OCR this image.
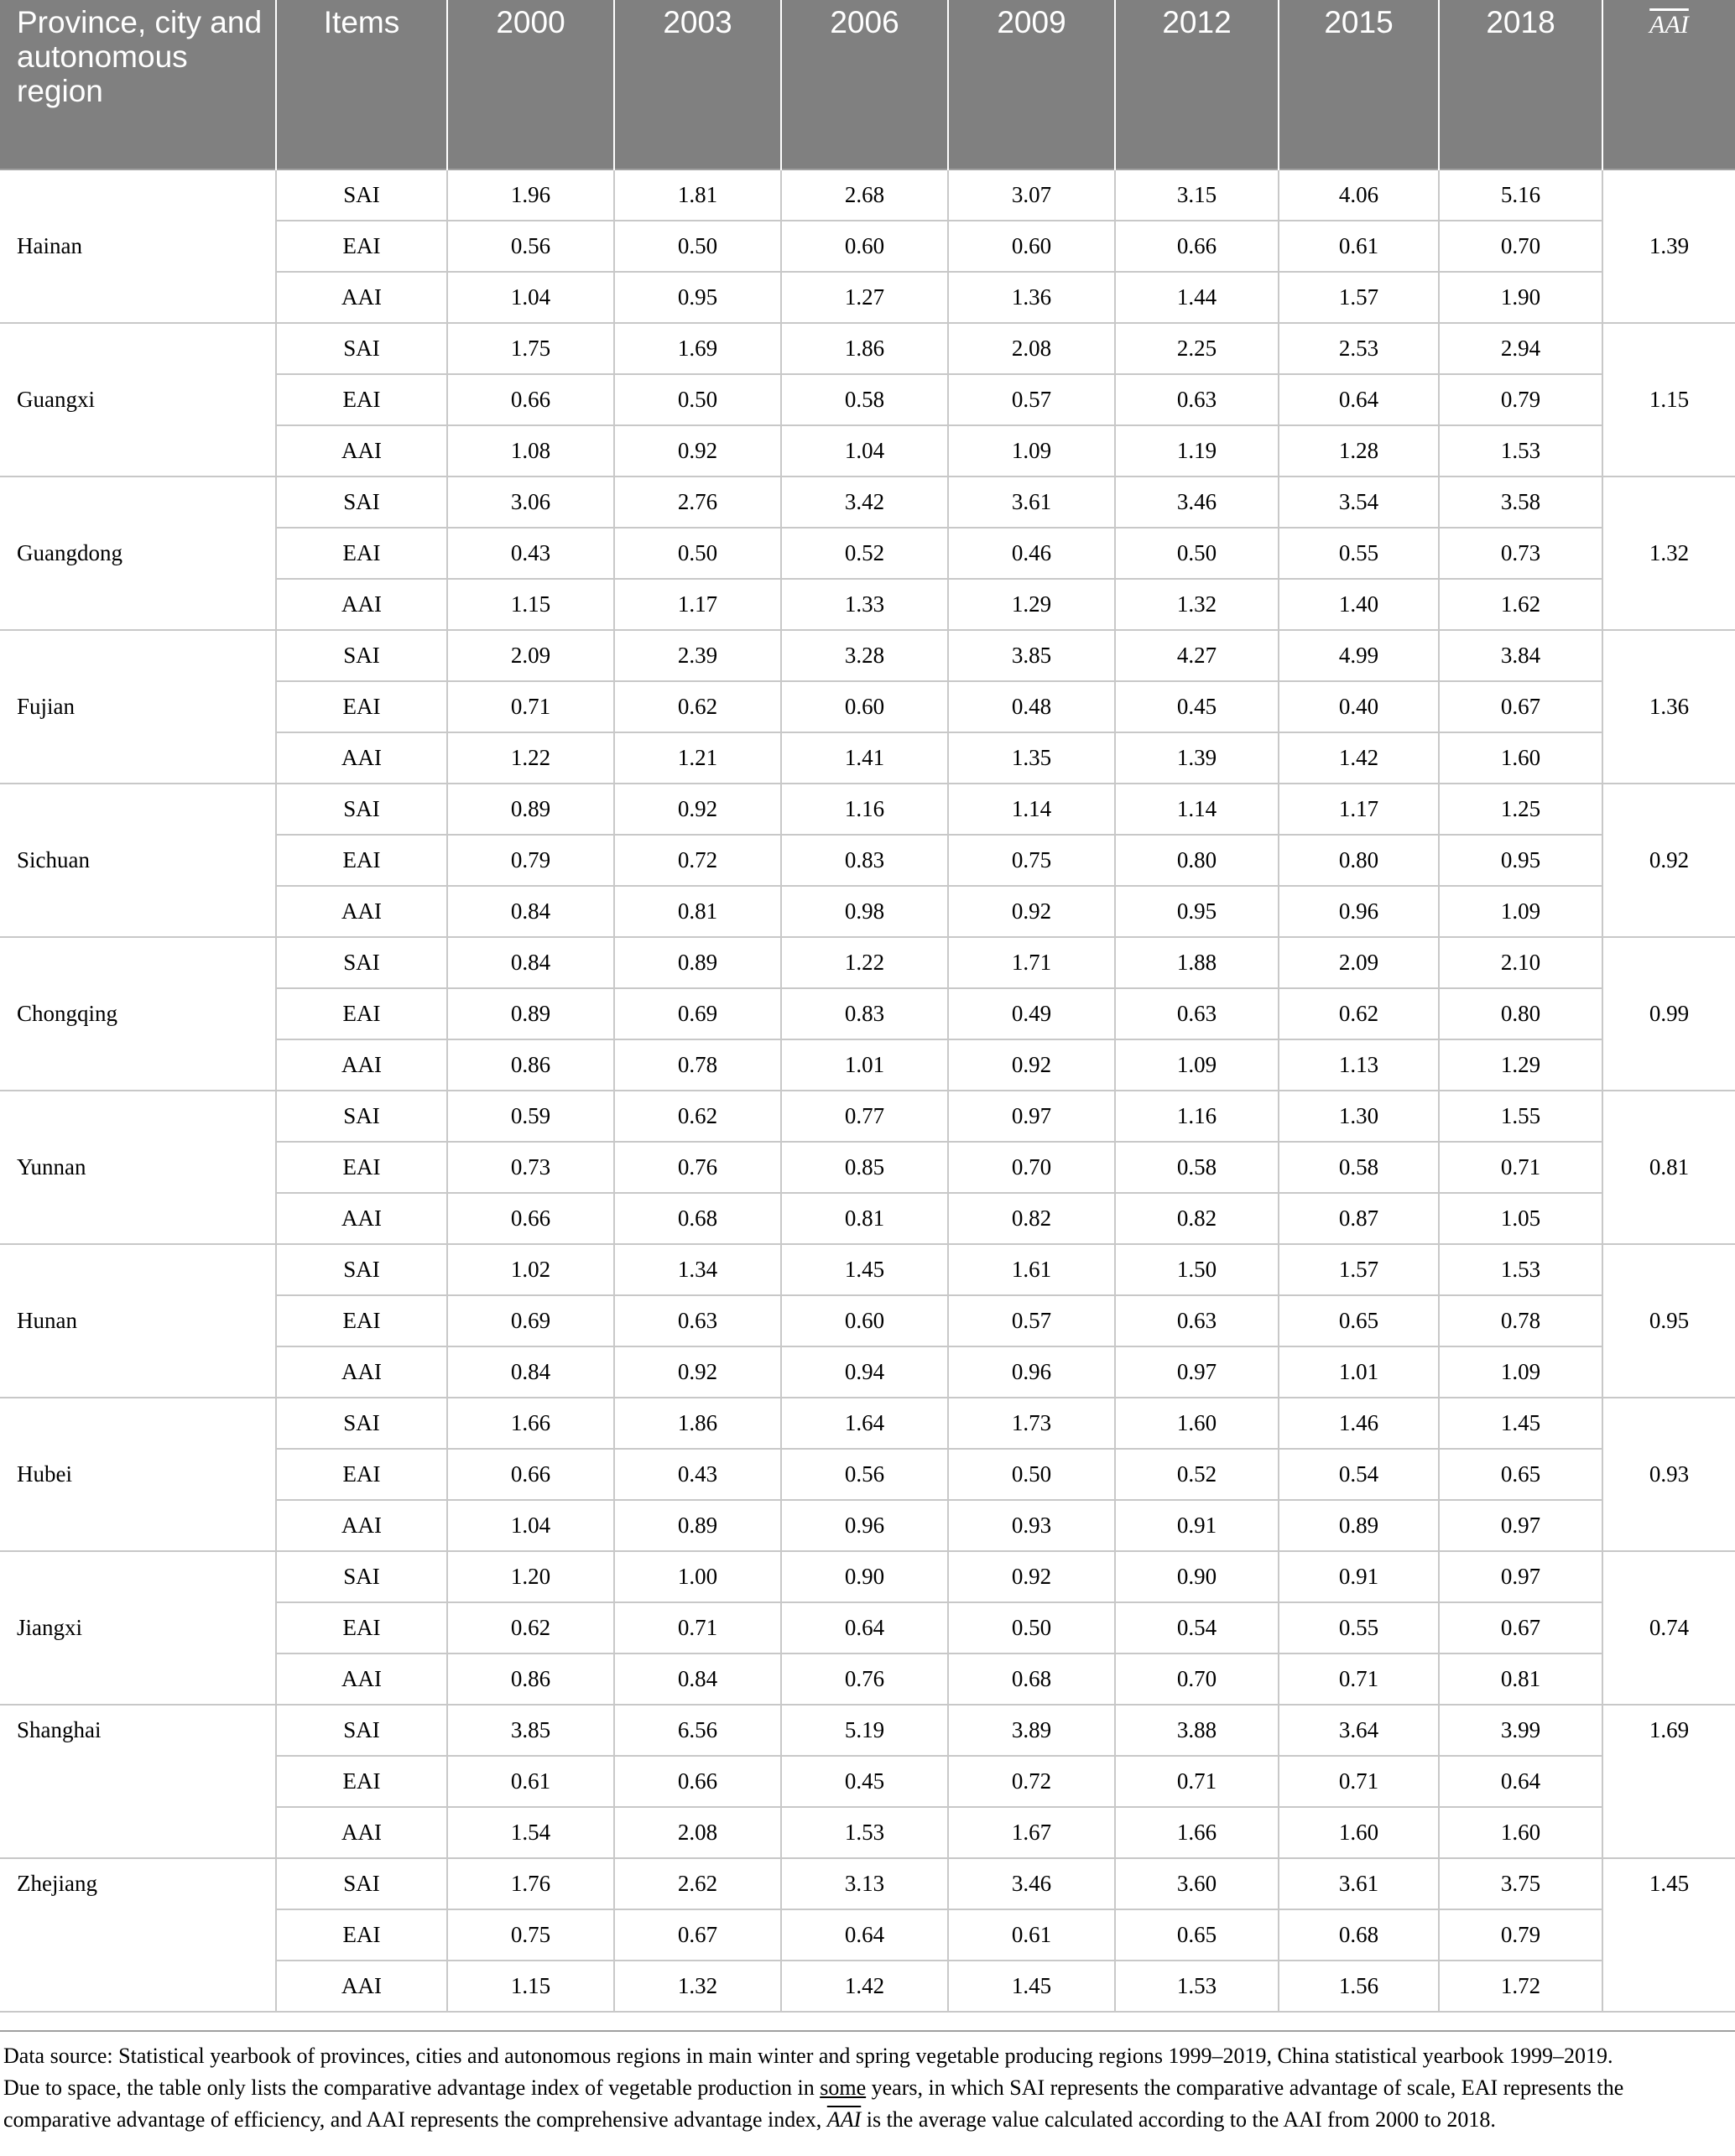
Province, city and autonomous region	Items	2000	2003	2006	2009	2012	2015	2018	$\overline{AAI}$
Hainan	SAI	1.96	1.81	2.68	3.07	3.15	4.06	5.16	1.39
	EAI	0.56	0.50	0.60	0.60	0.66	0.61	0.70	
	AAI	1.04	0.95	1.27	1.36	1.44	1.57	1.90	
Guangxi	SAI	1.75	1.69	1.86	2.08	2.25	2.53	2.94	1.15
	EAI	0.66	0.50	0.58	0.57	0.63	0.64	0.79	
	AAI	1.08	0.92	1.04	1.09	1.19	1.28	1.53	
Guangdong	SAI	3.06	2.76	3.42	3.61	3.46	3.54	3.58	1.32
	EAI	0.43	0.50	0.52	0.46	0.50	0.55	0.73	
	AAI	1.15	1.17	1.33	1.29	1.32	1.40	1.62	
Fujian	SAI	2.09	2.39	3.28	3.85	4.27	4.99	3.84	1.36
	EAI	0.71	0.62	0.60	0.48	0.45	0.40	0.67	
	AAI	1.22	1.21	1.41	1.35	1.39	1.42	1.60	
Sichuan	SAI	0.89	0.92	1.16	1.14	1.14	1.17	1.25	0.92
	EAI	0.79	0.72	0.83	0.75	0.80	0.80	0.95	
	AAI	0.84	0.81	0.98	0.92	0.95	0.96	1.09	
Chongqing	SAI	0.84	0.89	1.22	1.71	1.88	2.09	2.10	0.99
	EAI	0.89	0.69	0.83	0.49	0.63	0.62	0.80	
	AAI	0.86	0.78	1.01	0.92	1.09	1.13	1.29	
Yunnan	SAI	0.59	0.62	0.77	0.97	1.16	1.30	1.55	0.81
	EAI	0.73	0.76	0.85	0.70	0.58	0.58	0.71	
	AAI	0.66	0.68	0.81	0.82	0.82	0.87	1.05	
Hunan	SAI	1.02	1.34	1.45	1.61	1.50	1.57	1.53	0.95
	EAI	0.69	0.63	0.60	0.57	0.63	0.65	0.78	
	AAI	0.84	0.92	0.94	0.96	0.97	1.01	1.09	
Hubei	SAI	1.66	1.86	1.64	1.73	1.60	1.46	1.45	0.93
	EAI	0.66	0.43	0.56	0.50	0.52	0.54	0.65	
	AAI	1.04	0.89	0.96	0.93	0.91	0.89	0.97	
Jiangxi	SAI	1.20	1.00	0.90	0.92	0.90	0.91	0.97	0.74
	EAI	0.62	0.71	0.64	0.50	0.54	0.55	0.67	
	AAI	0.86	0.84	0.76	0.68	0.70	0.71	0.81	
Shanghai	SAI	3.85	6.56	5.19	3.89	3.88	3.64	3.99	1.69
	EAI	0.61	0.66	0.45	0.72	0.71	0.71	0.64	
	AAI	1.54	2.08	1.53	1.67	1.66	1.60	1.60	
Zhejiang	SAI	1.76	2.62	3.13	3.46	3.60	3.61	3.75	1.45
	EAI	0.75	0.67	0.64	0.61	0.65	0.68	0.79	
	AAI	1.15	1.32	1.42	1.45	1.53	1.56	1.72	

Data source: Statistical yearbook of provinces, cities and autonomous regions in main winter and spring vegetable producing regions 1999–2019, China statistical yearbook 1999–2019.

Due to space, the table only lists the comparative advantage index of vegetable production in some years, in which SAI represents the comparative advantage of scale, EAI represents the comparative advantage of efficiency, and AAI represents the comprehensive advantage index, $\overline{AAI}$ is the average value calculated according to the AAI from 2000 to 2018.
